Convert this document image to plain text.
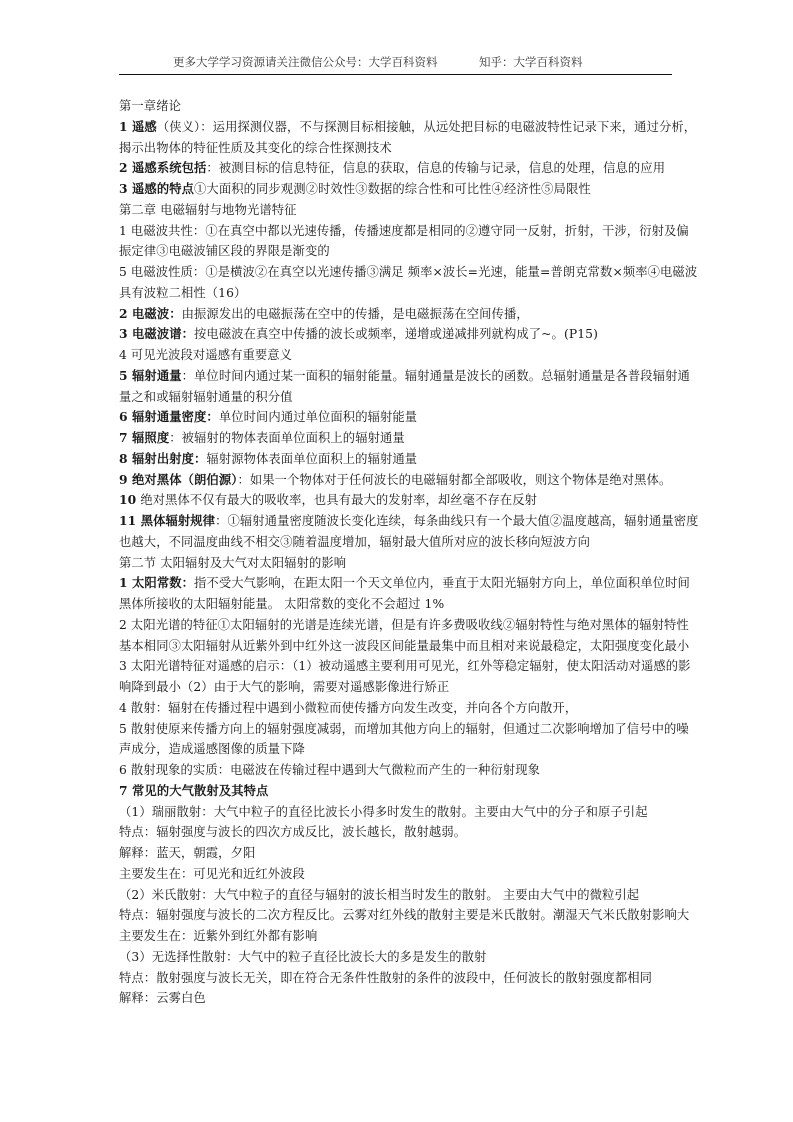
更多大学学习资源请关注微信公众号：大学百科资料	知乎：大学百科资料
第一章绪论
1 遥感（侠义）：运用探测仪器，不与探测目标相接触，从远处把目标的电磁波特性记录下来，通过分析，
揭示出物体的特征性质及其变化的综合性探测技术
2 遥感系统包括：被测目标的信息特征，信息的获取，信息的传输与记录，信息的处理，信息的应用
3 遥感的特点①大面积的同步观测②时效性③数据的综合性和可比性④经济性⑤局限性
第二章 电磁辐射与地物光谱特征
1 电磁波共性：①在真空中都以光速传播，传播速度都是相同的②遵守同一反射，折射，干涉，衍射及偏
振定律③电磁波铺区段的界限是渐变的
5 电磁波性质：①是横波②在真空以光速传播③满足 频率×波长=光速，能量=普朗克常数×频率④电磁波
具有波粒二相性（16）
2 电磁波：由振源发出的电磁振荡在空中的传播，是电磁振荡在空间传播，
3 电磁波谱：按电磁波在真空中传播的波长或频率，递增或递减排列就构成了~。(P15)
4 可见光波段对遥感有重要意义
5 辐射通量：单位时间内通过某一面积的辐射能量。辐射通量是波长的函数。总辐射通量是各普段辐射通
量之和或辐射辐射通量的积分值
6 辐射通量密度：单位时间内通过单位面积的辐射能量
7 辐照度：被辐射的物体表面单位面积上的辐射通量
8 辐射出射度：辐射源物体表面单位面积上的辐射通量
9 绝对黑体（朗伯源）：如果一个物体对于任何波长的电磁辐射都全部吸收，则这个物体是绝对黑体。
10 绝对黑体不仅有最大的吸收率，也具有最大的发射率，却丝毫不存在反射
11 黑体辐射规律：①辐射通量密度随波长变化连续，每条曲线只有一个最大值②温度越高，辐射通量密度
也越大，不同温度曲线不相交③随着温度增加，辐射最大值所对应的波长移向短波方向
第二节 太阳辐射及大气对太阳辐射的影响
1 太阳常数：指不受大气影响，在距太阳一个天文单位内，垂直于太阳光辐射方向上，单位面积单位时间
黑体所接收的太阳辐射能量。 太阳常数的变化不会超过 1%
2 太阳光谱的特征①太阳辐射的光谱是连续光谱，但是有许多费吸收线②辐射特性与绝对黑体的辐射特性
基本相同③太阳辐射从近紫外到中红外这一波段区间能量最集中而且相对来说最稳定，太阳强度变化最小
3 太阳光谱特征对遥感的启示：（1）被动遥感主要利用可见光，红外等稳定辐射，使太阳活动对遥感的影
响降到最小（2）由于大气的影响，需要对遥感影像进行矫正
4 散射：辐射在传播过程中遇到小微粒而使传播方向发生改变，并向各个方向散开，
5 散射使原来传播方向上的辐射强度减弱，而增加其他方向上的辐射，但通过二次影响增加了信号中的噪
声成分，造成遥感图像的质量下降
6 散射现象的实质：电磁波在传输过程中遇到大气微粒而产生的一种衍射现象
7 常见的大气散射及其特点
（1）瑞丽散射：大气中粒子的直径比波长小得多时发生的散射。主要由大气中的分子和原子引起
特点：辐射强度与波长的四次方成反比，波长越长，散射越弱。
解释：蓝天，朝霞，夕阳
主要发生在：可见光和近红外波段
（2）米氏散射：大气中粒子的直径与辐射的波长相当时发生的散射。 主要由大气中的微粒引起
特点：辐射强度与波长的二次方程反比。云雾对红外线的散射主要是米氏散射。潮湿天气米氏散射影响大
主要发生在：近紫外到红外都有影响
（3）无选择性散射：大气中的粒子直径比波长大的多是发生的散射
特点：散射强度与波长无关，即在符合无条件性散射的条件的波段中，任何波长的散射强度都相同
解释：云雾白色
